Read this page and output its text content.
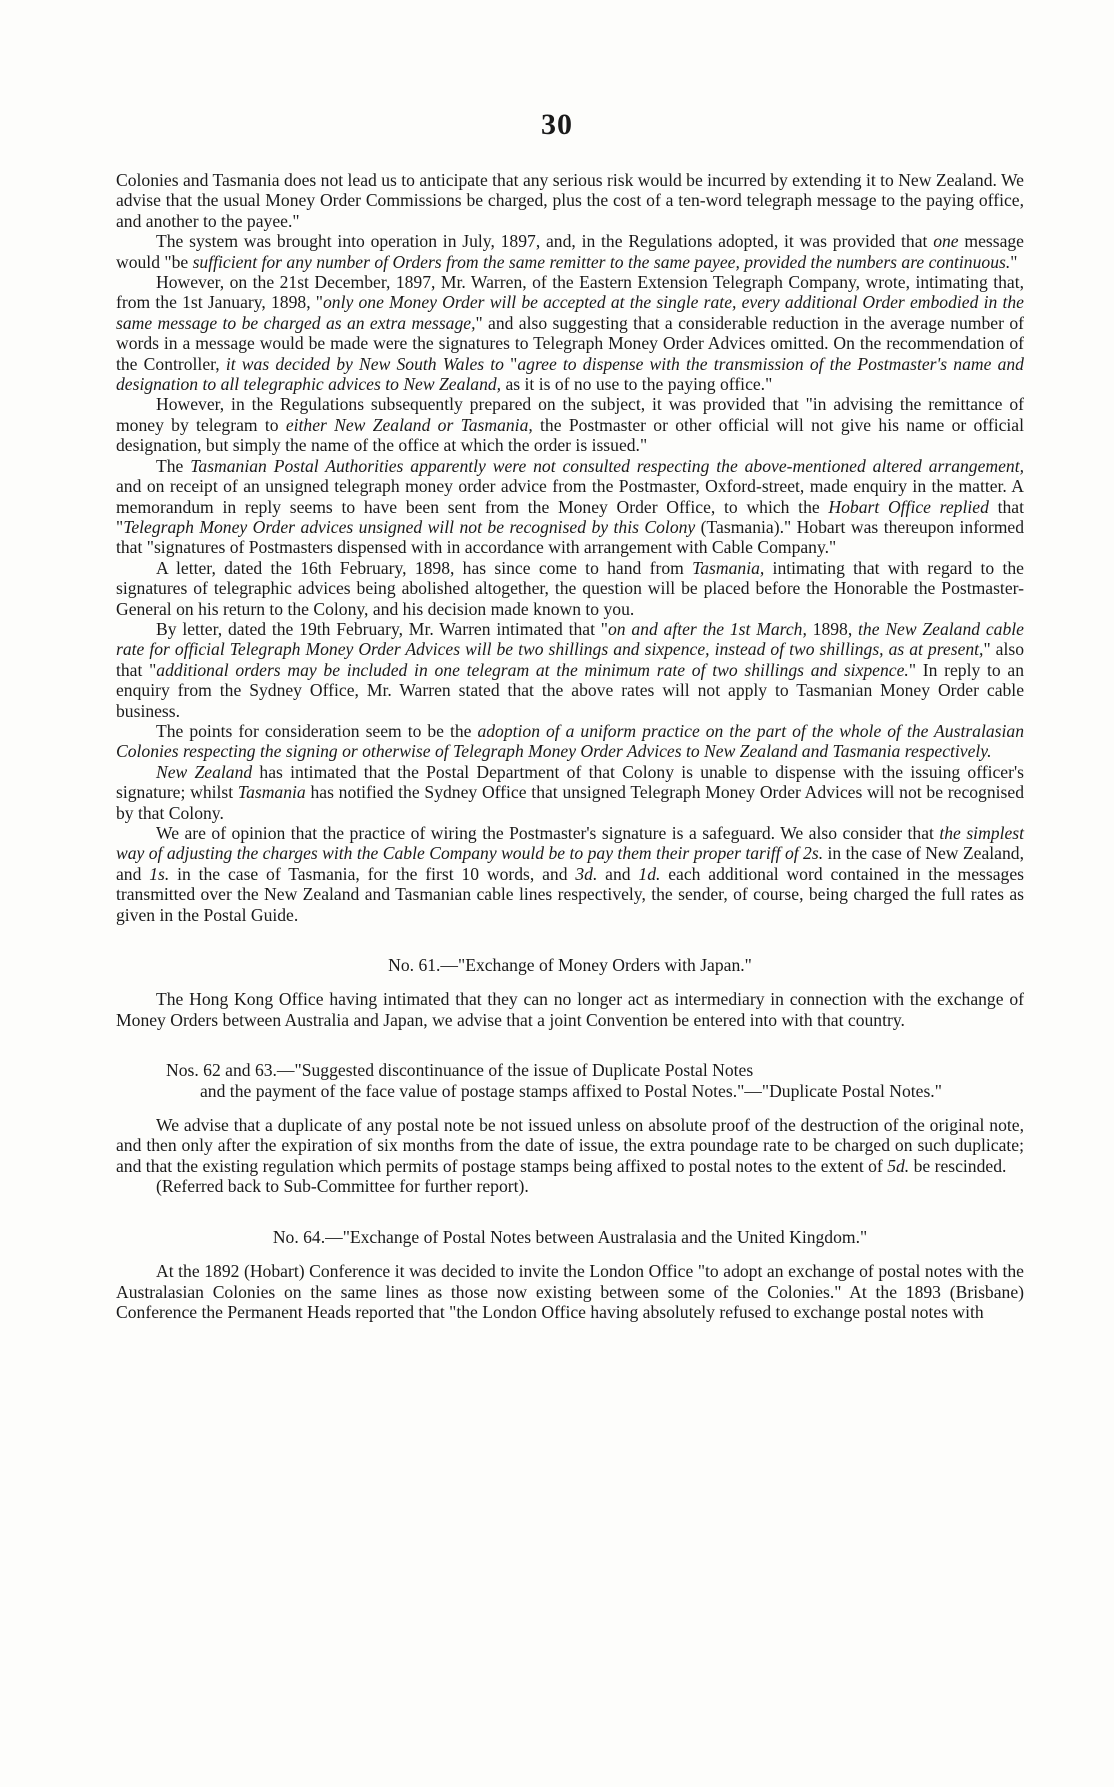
30

Colonies and Tasmania does not lead us to anticipate that any serious risk would be incurred by extending it to New Zealand. We advise that the usual Money Order Commissions be charged, plus the cost of a ten-word telegraph message to the paying office, and another to the payee."

The system was brought into operation in July, 1897, and, in the Regulations adopted, it was provided that one message would "be sufficient for any number of Orders from the same remitter to the same payee, provided the numbers are continuous."

However, on the 21st December, 1897, Mr. Warren, of the Eastern Extension Telegraph Company, wrote, intimating that, from the 1st January, 1898, "only one Money Order will be accepted at the single rate, every additional Order embodied in the same message to be charged as an extra message," and also suggesting that a considerable reduction in the average number of words in a message would be made were the signatures to Telegraph Money Order Advices omitted. On the recommendation of the Controller, it was decided by New South Wales to "agree to dispense with the transmission of the Postmaster's name and designation to all telegraphic advices to New Zealand, as it is of no use to the paying office."

However, in the Regulations subsequently prepared on the subject, it was provided that "in advising the remittance of money by telegram to either New Zealand or Tasmania, the Postmaster or other official will not give his name or official designation, but simply the name of the office at which the order is issued."

The Tasmanian Postal Authorities apparently were not consulted respecting the above-mentioned altered arrangement, and on receipt of an unsigned telegraph money order advice from the Postmaster, Oxford-street, made enquiry in the matter. A memorandum in reply seems to have been sent from the Money Order Office, to which the Hobart Office replied that "Telegraph Money Order advices unsigned will not be recognised by this Colony (Tasmania)." Hobart was thereupon informed that "signatures of Postmasters dispensed with in accordance with arrangement with Cable Company."

A letter, dated the 16th February, 1898, has since come to hand from Tasmania, intimating that with regard to the signatures of telegraphic advices being abolished altogether, the question will be placed before the Honorable the Postmaster-General on his return to the Colony, and his decision made known to you.

By letter, dated the 19th February, Mr. Warren intimated that "on and after the 1st March, 1898, the New Zealand cable rate for official Telegraph Money Order Advices will be two shillings and sixpence, instead of two shillings, as at present," also that "additional orders may be included in one telegram at the minimum rate of two shillings and sixpence." In reply to an enquiry from the Sydney Office, Mr. Warren stated that the above rates will not apply to Tasmanian Money Order cable business.

The points for consideration seem to be the adoption of a uniform practice on the part of the whole of the Australasian Colonies respecting the signing or otherwise of Telegraph Money Order Advices to New Zealand and Tasmania respectively.

New Zealand has intimated that the Postal Department of that Colony is unable to dispense with the issuing officer's signature; whilst Tasmania has notified the Sydney Office that unsigned Telegraph Money Order Advices will not be recognised by that Colony.

We are of opinion that the practice of wiring the Postmaster's signature is a safeguard. We also consider that the simplest way of adjusting the charges with the Cable Company would be to pay them their proper tariff of 2s. in the case of New Zealand, and 1s. in the case of Tasmania, for the first 10 words, and 3d. and 1d. each additional word contained in the messages transmitted over the New Zealand and Tasmanian cable lines respectively, the sender, of course, being charged the full rates as given in the Postal Guide.

No. 61.—"Exchange of Money Orders with Japan."

The Hong Kong Office having intimated that they can no longer act as intermediary in connection with the exchange of Money Orders between Australia and Japan, we advise that a joint Convention be entered into with that country.

Nos. 62 and 63.—"Suggested discontinuance of the issue of Duplicate Postal Notes
and the payment of the face value of postage stamps affixed to Postal Notes."—"Duplicate Postal Notes."

We advise that a duplicate of any postal note be not issued unless on absolute proof of the destruction of the original note, and then only after the expiration of six months from the date of issue, the extra poundage rate to be charged on such duplicate; and that the existing regulation which permits of postage stamps being affixed to postal notes to the extent of 5d. be rescinded.

(Referred back to Sub-Committee for further report).

No. 64.—"Exchange of Postal Notes between Australasia and the United Kingdom."

At the 1892 (Hobart) Conference it was decided to invite the London Office "to adopt an exchange of postal notes with the Australasian Colonies on the same lines as those now existing between some of the Colonies." At the 1893 (Brisbane) Conference the Permanent Heads reported that "the London Office having absolutely refused to exchange postal notes with
